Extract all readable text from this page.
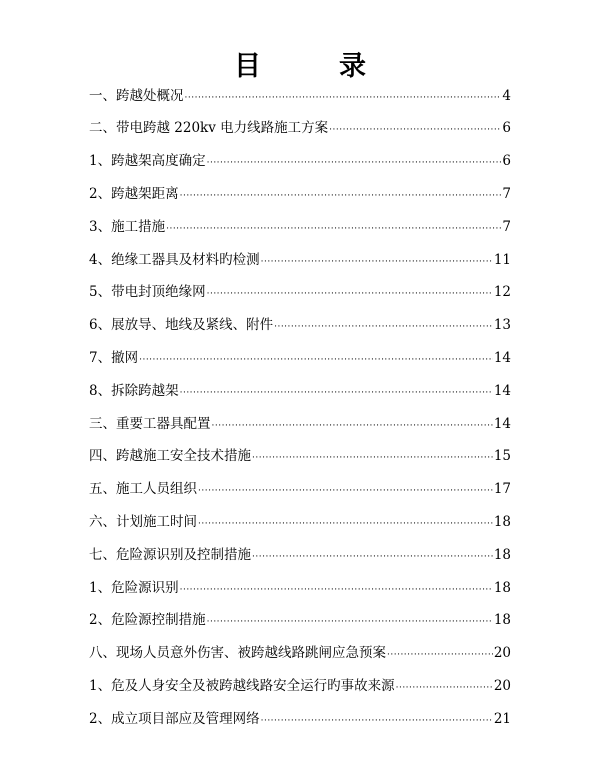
目	录
一、跨越处概况 ·····	4
二、带电跨越 220kv 电力线路施工方案 ·····	6
1、跨越架高度确定 ·····	6
2、跨越架距离 ·····	7
3、施工措施 ·····	7
4、绝缘工器具及材料旳检测 ·····	11
5、带电封顶绝缘网 ·····	12
6、展放导、地线及紧线、附件 ·····	13
7、撤网 ·····	14
8、拆除跨越架 ·····	14
三、重要工器具配置 ·····	14
四、跨越施工安全技术措施 ·····	15
五、施工人员组织 ·····	17
六、计划施工时间 ·····	18
七、危险源识别及控制措施 ·····	18
1、危险源识别 ·····	18
2、危险源控制措施 ·····	18
八、现场人员意外伤害、被跨越线路跳闸应急预案 ·····	20
1、危及人身安全及被跨越线路安全运行旳事故来源 ·····	20
2、成立项目部应及管理网络 ·····	21
